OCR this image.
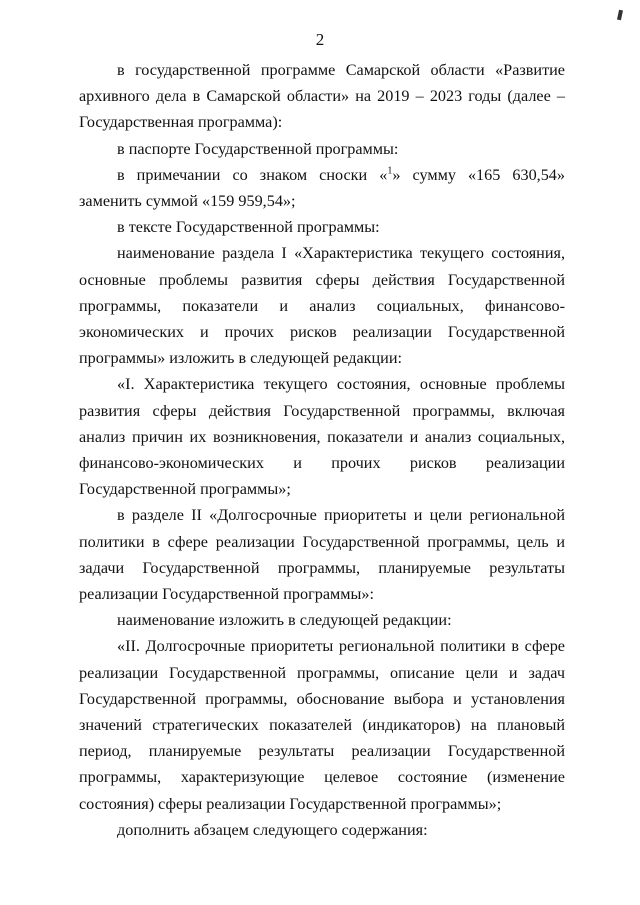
2

в государственной программе Самарской области «Развитие архивного дела в Самарской области» на 2019 – 2023 годы (далее – Государственная программа):

в паспорте Государственной программы:

в примечании со знаком сноски «$^1$» сумму «165 630,54» заменить суммой «159 959,54»;

в тексте Государственной программы:

наименование раздела I «Характеристика текущего состояния, основные проблемы развития сферы действия Государственной программы, показатели и анализ социальных, финансово-экономических и прочих рисков реализации Государственной программы» изложить в следующей редакции:

«I. Характеристика текущего состояния, основные проблемы развития сферы действия Государственной программы, включая анализ причин их возникновения, показатели и анализ социальных, финансово-экономических и прочих рисков реализации Государственной программы»;

в разделе II «Долгосрочные приоритеты и цели региональной политики в сфере реализации Государственной программы, цель и задачи Государственной программы, планируемые результаты реализации Государственной программы»:

наименование изложить в следующей редакции:

«II. Долгосрочные приоритеты региональной политики в сфере реализации Государственной программы, описание цели и задач Государственной программы, обоснование выбора и установления значений стратегических показателей (индикаторов) на плановый период, планируемые результаты реализации Государственной программы, характеризующие целевое состояние (изменение состояния) сферы реализации Государственной программы»;

дополнить абзацем следующего содержания:
